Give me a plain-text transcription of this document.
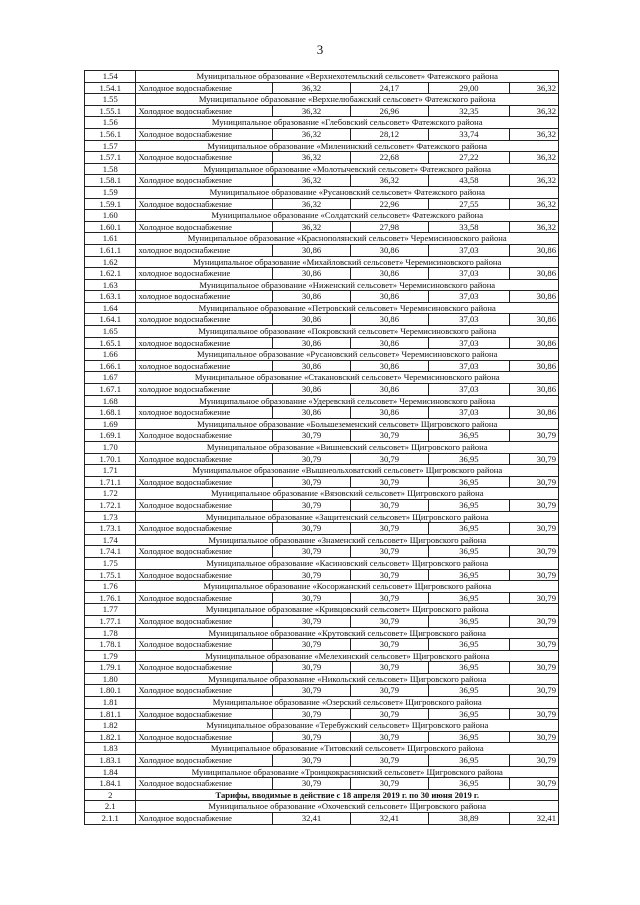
3
1.54	Муниципальное образование «Верхнехотемльский сельсовет» Фатежского района				
1.54.1	Холодное водоснабжение	36,32	24,17	29,00	36,32
1.55	Муниципальное образование «Верхнелюбажский сельсовет» Фатежского района				
1.55.1	Холодное водоснабжение	36,32	26,96	32,35	36,32
1.56	Муниципальное образование «Глебовский сельсовет» Фатежского района				
1.56.1	Холодное водоснабжение	36,32	28,12	33,74	36,32
1.57	Муниципальное образование «Миленинский сельсовет» Фатежского района				
1.57.1	Холодное водоснабжение	36,32	22,68	27,22	36,32
1.58	Муниципальное образование «Молотычевский сельсовет» Фатежского района				
1.58.1	Холодное водоснабжение	36,32	36,32	43,58	36,32
1.59	Муниципальное образование «Русановский сельсовет» Фатежского района				
1.59.1	Холодное водоснабжение	36,32	22,96	27,55	36,32
1.60	Муниципальное образование «Солдатский сельсовет» Фатежского района				
1.60.1	Холодное водоснабжение	36,32	27,98	33,58	36,32
1.61	Муниципальное образование «Краснополянский сельсовет» Черемисиновского района				
1.61.1	холодное водоснабжение	30,86	30,86	37,03	30,86
1.62	Муниципальное образование «Михайловский сельсовет» Черемисиновского района				
1.62.1	холодное водоснабжение	30,86	30,86	37,03	30,86
1.63	Муниципальное образование «Ниженский сельсовет» Черемисиновского района				
1.63.1	холодное водоснабжение	30,86	30,86	37,03	30,86
1.64	Муниципальное образование «Петровский сельсовет» Черемисиновского района				
1.64.1	холодное водоснабжение	30,86	30,86	37,03	30,86
1.65	Муниципальное образование «Покровский сельсовет» Черемисиновского района				
1.65.1	холодное водоснабжение	30,86	30,86	37,03	30,86
1.66	Муниципальное образование «Русановский сельсовет» Черемисиновского района				
1.66.1	холодное водоснабжение	30,86	30,86	37,03	30,86
1.67	Муниципальное образование «Стакановский сельсовет» Черемисиновского района				
1.67.1	холодное водоснабжение	30,86	30,86	37,03	30,86
1.68	Муниципальное образование «Удеревский сельсовет» Черемисиновского района				
1.68.1	холодное водоснабжение	30,86	30,86	37,03	30,86
1.69	Муниципальное образование «Большеземенский сельсовет» Щигровского района				
1.69.1	Холодное водоснабжение	30,79	30,79	36,95	30,79
1.70	Муниципальное образование «Вишневский сельсовет» Щигровского района				
1.70.1	Холодное водоснабжение	30,79	30,79	36,95	30,79
1.71	Муниципальное образование «Вышнеольховатский сельсовет» Щигровского района				
1.71.1	Холодное водоснабжение	30,79	30,79	36,95	30,79
1.72	Муниципальное образование «Вязовский сельсовет» Щигровского района				
1.72.1	Холодное водоснабжение	30,79	30,79	36,95	30,79
1.73	Муниципальное образование «Защитенский сельсовет» Щигровского района				
1.73.1	Холодное водоснабжение	30,79	30,79	36,95	30,79
1.74	Муниципальное образование «Знаменский сельсовет» Щигровского района				
1.74.1	Холодное водоснабжение	30,79	30,79	36,95	30,79
1.75	Муниципальное образование «Касиновский сельсовет» Щигровского района				
1.75.1	Холодное водоснабжение	30,79	30,79	36,95	30,79
1.76	Муниципальное образование «Косоржанский сельсовет» Щигровского района				
1.76.1	Холодное водоснабжение	30,79	30,79	36,95	30,79
1.77	Муниципальное образование «Кривцовский сельсовет» Щигровского района				
1.77.1	Холодное водоснабжение	30,79	30,79	36,95	30,79
1.78	Муниципальное образование «Крутовский сельсовет» Щигровского района				
1.78.1	Холодное водоснабжение	30,79	30,79	36,95	30,79
1.79	Муниципальное образование «Мелехинский сельсовет» Щигровского района				
1.79.1	Холодное водоснабжение	30,79	30,79	36,95	30,79
1.80	Муниципальное образование «Никольский сельсовет» Щигровского района				
1.80.1	Холодное водоснабжение	30,79	30,79	36,95	30,79
1.81	Муниципальное образование «Озерский сельсовет» Щигровского района				
1.81.1	Холодное водоснабжение	30,79	30,79	36,95	30,79
1.82	Муниципальное образование «Теребужский сельсовет» Щигровского района				
1.82.1	Холодное водоснабжение	30,79	30,79	36,95	30,79
1.83	Муниципальное образование «Титовский сельсовет» Щигровского района				
1.83.1	Холодное водоснабжение	30,79	30,79	36,95	30,79
1.84	Муниципальное образование «Троицкокраснянский сельсовет» Щигровского района				
1.84.1	Холодное водоснабжение	30,79	30,79	36,95	30,79
2	Тарифы, вводимые в действие с 18 апреля 2019 г. по 30 июня 2019 г.				
2.1	Муниципальное образование «Охочевский сельсовет» Щигровского района				
2.1.1	Холодное водоснабжение	32,41	32,41	38,89	32,41
